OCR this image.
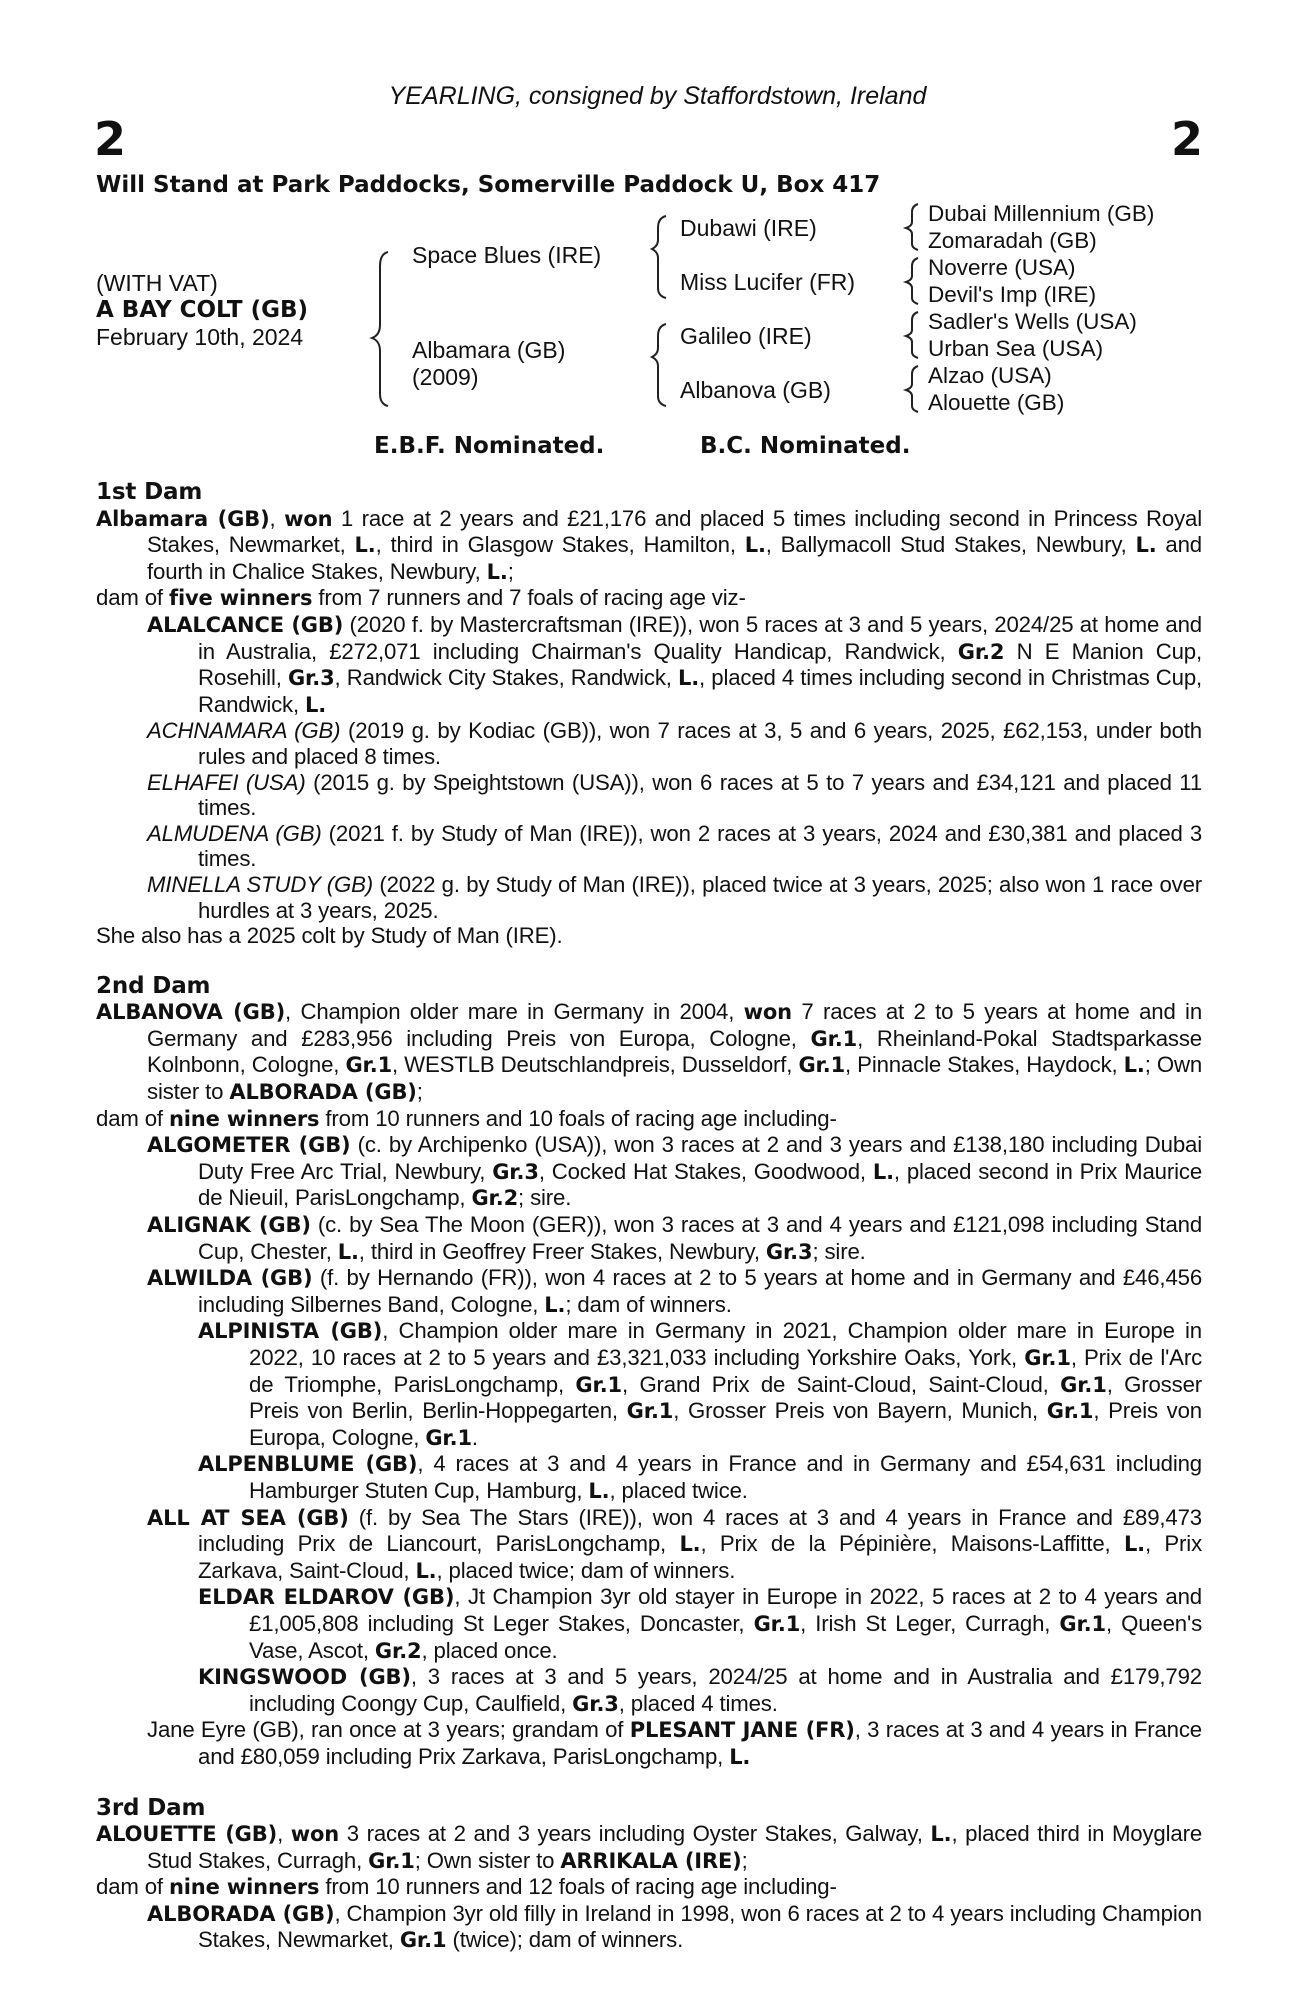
YEARLING, consigned by Staffordstown, Ireland
2	2
Will Stand at Park Paddocks, Somerville Paddock U, Box 417
(WITH VAT)
A BAY COLT (GB)
February 10th, 2024
Space Blues (IRE)
Albamara (GB)
(2009)
Dubawi (IRE)
Miss Lucifer (FR)
Galileo (IRE)
Albanova (GB)
Dubai Millennium (GB)
Zomaradah (GB)
Noverre (USA)
Devil's Imp (IRE)
Sadler's Wells (USA)
Urban Sea (USA)
Alzao (USA)
Alouette (GB)
E.B.F. Nominated.	B.C. Nominated.
1st Dam
Albamara (GB), won 1 race at 2 years and £21,176 and placed 5 times including second in Princess Royal Stakes, Newmarket, L., third in Glasgow Stakes, Hamilton, L., Ballymacoll Stud Stakes, Newbury, L. and fourth in Chalice Stakes, Newbury, L.;
dam of five winners from 7 runners and 7 foals of racing age viz-
ALALCANCE (GB) (2020 f. by Mastercraftsman (IRE)), won 5 races at 3 and 5 years, 2024/25 at home and in Australia, £272,071 including Chairman's Quality Handicap, Randwick, Gr.2 N E Manion Cup, Rosehill, Gr.3, Randwick City Stakes, Randwick, L., placed 4 times including second in Christmas Cup, Randwick, L.
ACHNAMARA (GB) (2019 g. by Kodiac (GB)), won 7 races at 3, 5 and 6 years, 2025, £62,153, under both rules and placed 8 times.
ELHAFEI (USA) (2015 g. by Speightstown (USA)), won 6 races at 5 to 7 years and £34,121 and placed 11 times.
ALMUDENA (GB) (2021 f. by Study of Man (IRE)), won 2 races at 3 years, 2024 and £30,381 and placed 3 times.
MINELLA STUDY (GB) (2022 g. by Study of Man (IRE)), placed twice at 3 years, 2025; also won 1 race over hurdles at 3 years, 2025.
She also has a 2025 colt by Study of Man (IRE).
2nd Dam
ALBANOVA (GB), Champion older mare in Germany in 2004, won 7 races at 2 to 5 years at home and in Germany and £283,956 including Preis von Europa, Cologne, Gr.1, Rheinland-Pokal Stadtsparkasse Kolnbonn, Cologne, Gr.1, WESTLB Deutschlandpreis, Dusseldorf, Gr.1, Pinnacle Stakes, Haydock, L.; Own sister to ALBORADA (GB);
dam of nine winners from 10 runners and 10 foals of racing age including-
ALGOMETER (GB) (c. by Archipenko (USA)), won 3 races at 2 and 3 years and £138,180 including Dubai Duty Free Arc Trial, Newbury, Gr.3, Cocked Hat Stakes, Goodwood, L., placed second in Prix Maurice de Nieuil, ParisLongchamp, Gr.2; sire.
ALIGNAK (GB) (c. by Sea The Moon (GER)), won 3 races at 3 and 4 years and £121,098 including Stand Cup, Chester, L., third in Geoffrey Freer Stakes, Newbury, Gr.3; sire.
ALWILDA (GB) (f. by Hernando (FR)), won 4 races at 2 to 5 years at home and in Germany and £46,456 including Silbernes Band, Cologne, L.; dam of winners.
ALPINISTA (GB), Champion older mare in Germany in 2021, Champion older mare in Europe in 2022, 10 races at 2 to 5 years and £3,321,033 including Yorkshire Oaks, York, Gr.1, Prix de l'Arc de Triomphe, ParisLongchamp, Gr.1, Grand Prix de Saint-Cloud, Saint-Cloud, Gr.1, Grosser Preis von Berlin, Berlin-Hoppegarten, Gr.1, Grosser Preis von Bayern, Munich, Gr.1, Preis von Europa, Cologne, Gr.1.
ALPENBLUME (GB), 4 races at 3 and 4 years in France and in Germany and £54,631 including Hamburger Stuten Cup, Hamburg, L., placed twice.
ALL AT SEA (GB) (f. by Sea The Stars (IRE)), won 4 races at 3 and 4 years in France and £89,473 including Prix de Liancourt, ParisLongchamp, L., Prix de la Pépinière, Maisons-Laffitte, L., Prix Zarkava, Saint-Cloud, L., placed twice; dam of winners.
ELDAR ELDAROV (GB), Jt Champion 3yr old stayer in Europe in 2022, 5 races at 2 to 4 years and £1,005,808 including St Leger Stakes, Doncaster, Gr.1, Irish St Leger, Curragh, Gr.1, Queen's Vase, Ascot, Gr.2, placed once.
KINGSWOOD (GB), 3 races at 3 and 5 years, 2024/25 at home and in Australia and £179,792 including Coongy Cup, Caulfield, Gr.3, placed 4 times.
Jane Eyre (GB), ran once at 3 years; grandam of PLESANT JANE (FR), 3 races at 3 and 4 years in France and £80,059 including Prix Zarkava, ParisLongchamp, L.
3rd Dam
ALOUETTE (GB), won 3 races at 2 and 3 years including Oyster Stakes, Galway, L., placed third in Moyglare Stud Stakes, Curragh, Gr.1; Own sister to ARRIKALA (IRE);
dam of nine winners from 10 runners and 12 foals of racing age including-
ALBORADA (GB), Champion 3yr old filly in Ireland in 1998, won 6 races at 2 to 4 years including Champion Stakes, Newmarket, Gr.1 (twice); dam of winners.
